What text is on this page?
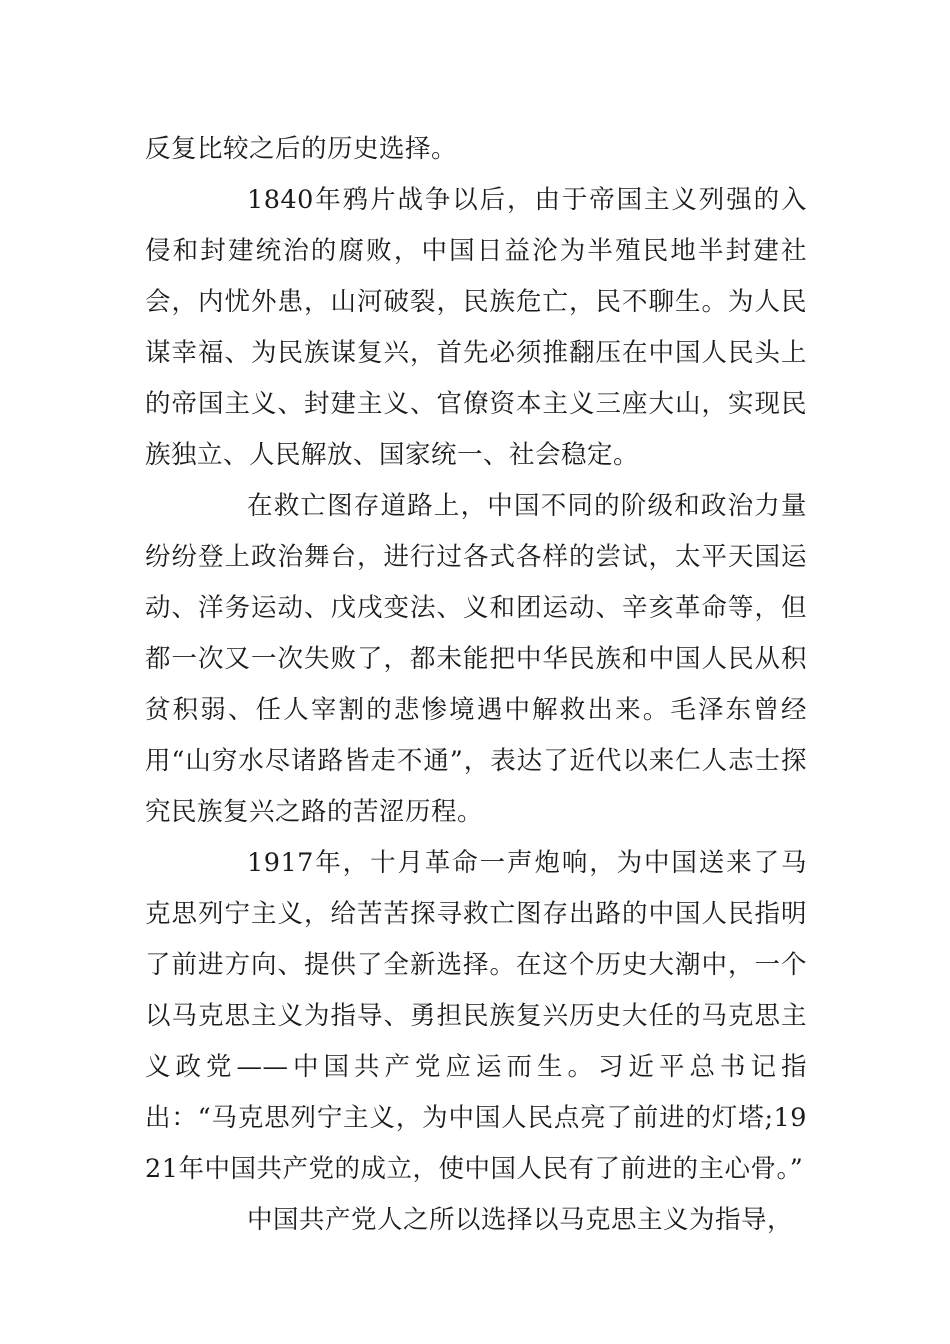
反复比较之后的历史选择。

1840年鸦片战争以后，由于帝国主义列强的入侵和封建统治的腐败，中国日益沦为半殖民地半封建社会，内忧外患，山河破裂，民族危亡，民不聊生。为人民谋幸福、为民族谋复兴，首先必须推翻压在中国人民头上的帝国主义、封建主义、官僚资本主义三座大山，实现民族独立、人民解放、国家统一、社会稳定。

在救亡图存道路上，中国不同的阶级和政治力量纷纷登上政治舞台，进行过各式各样的尝试，太平天国运动、洋务运动、戊戌变法、义和团运动、辛亥革命等，但都一次又一次失败了，都未能把中华民族和中国人民从积贫积弱、任人宰割的悲惨境遇中解救出来。毛泽东曾经用“山穷水尽诸路皆走不通”，表达了近代以来仁人志士探究民族复兴之路的苦涩历程。

1917年，十月革命一声炮响，为中国送来了马克思列宁主义，给苦苦探寻救亡图存出路的中国人民指明了前进方向、提供了全新选择。在这个历史大潮中，一个以马克思主义为指导、勇担民族复兴历史大任的马克思主义政党——中国共产党应运而生。习近平总书记指出：“马克思列宁主义，为中国人民点亮了前进的灯塔;1921年中国共产党的成立，使中国人民有了前进的主心骨。”

中国共产党人之所以选择以马克思主义为指导，
